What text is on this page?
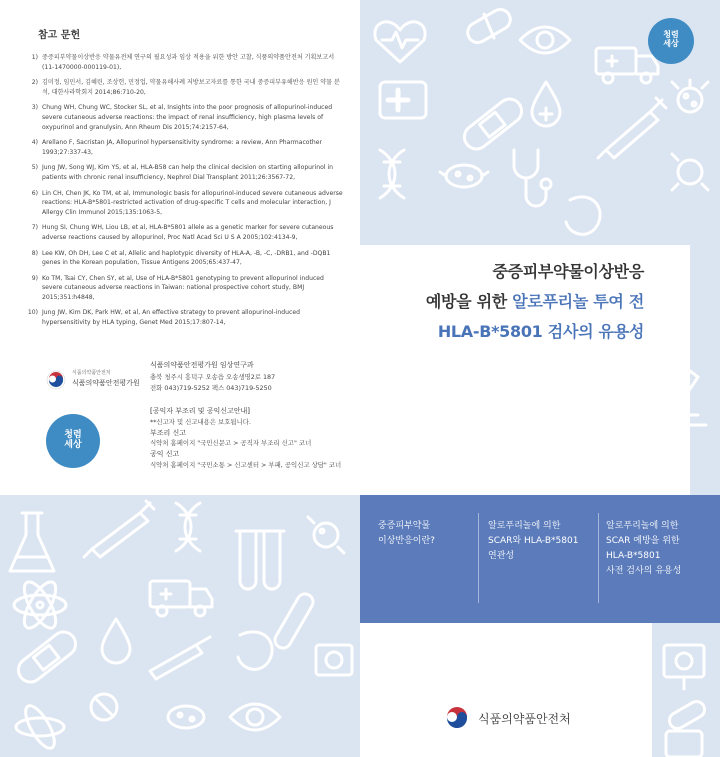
참고 문헌
1) 중증피부약물이상반응 약물유전체 연구의 필요성과 임상 적용을 위한 방안 고찰, 식품의약품안전처 기획보고서 (11-1470000-000119-01),
2) 김미정, 임민서, 김혜린, 조상헌, 민정업, 약물유해사례 저방보고자료를 통한 국내 중증피부유해반응 원인 약물 분석, 대한사라학회지 2014;86:710-20,
3) Chung WH, Chung WC, Stocker SL, et al, Insights into the poor prognosis of allopurinol-induced severe cutaneous adverse reactions: the impact of renal insufficiency, high plasma levels of oxypurinol and granulysin, Ann Rheum Dis 2015;74:2157-64,
4) Arellano F, Sacristan JA, Allopurinol hypersensitivity syndrome: a review, Ann Pharmacother 1993;27:337-43,
5) Jung JW, Song WJ, Kim YS, et al, HLA-B58 can help the clinical decision on starting allopurinol in patients with chronic renal insufficiency, Nephrol Dial Transplant 2011;26:3567-72,
6) Lin CH, Chen JK, Ko TM, et al, Immunologic basis for allopurinol-induced severe cutaneous adverse reactions: HLA-B*5801-restricted activation of drug-specific T cells and molecular interaction, J Allergy Clin Immunol 2015;135:1063-5,
7) Hung SI, Chung WH, Liou LB, et al, HLA-B*5801 allele as a genetic marker for severe cutaneous adverse reactions caused by allopurinol, Proc Natl Acad Sci U S A 2005;102:4134-9,
8) Lee KW, Oh DH, Lee C et al, Allelic and haplotypic diversity of HLA-A, -B, -C, -DRB1, and -DQB1 genes in the Korean population, Tissue Antigens 2005;65:437-47,
9) Ko TM, Tsai CY, Chen SY, et al, Use of HLA-B*5801 genotyping to prevent allopurinol induced severe cutaneous adverse reactions in Taiwan: national prospective cohort study, BMJ 2015;351:h4848,
10) Jung JW, Kim DK, Park HW, et al, An effective strategy to prevent allopurinol-induced hypersensitivity by HLA typing, Genet Med 2015;17:807-14,
식품의약품안전처
식품의약품안전평가원
식품의약품안전평가원 임상연구과
충북 청주시 흥덕구 오송읍 오송생명2로 187
전화 043)719-5252 팩스 043)719-5250
청렴
세상
[공익자 부조리 및 공익신고안내]
**신고자 및 신고내용은 보호됩니다.
부조리 신고
식약처 홈페이지 "국민신문고 > 공직자 부조리 신고" 코너
공익 신고
식약처 홈페이지 "국민소통 > 신고센터 > 부패, 공익신고 상담" 코너
중증피부약물이상반응
예방을 위한 알로푸리놀 투여 전
HLA-B*5801 검사의 유용성
중증피부약물
이상반응이란?
알로푸리놀에 의한
SCAR와 HLA-B*5801
연관성
알로푸리놀에 의한
SCAR 예방을 위한
HLA-B*5801
사전 검사의 유용성
식품의약품안전처
청렴
세상
